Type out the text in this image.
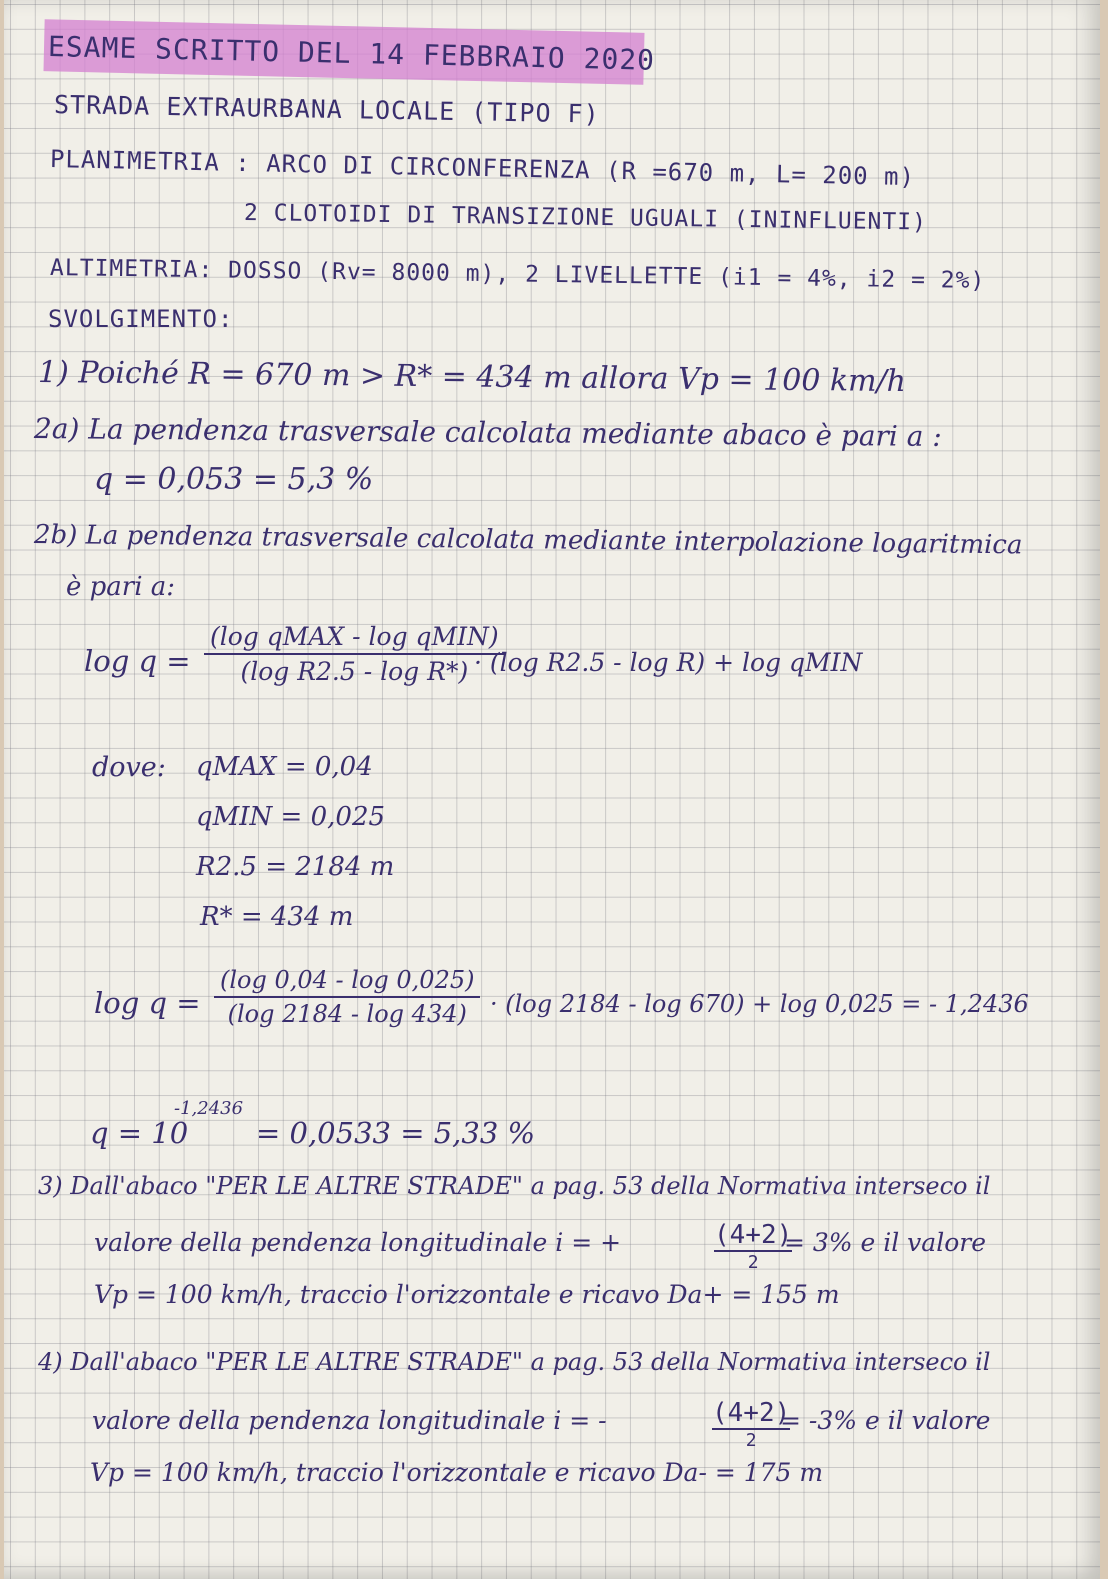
ESAME SCRITTO DEL 14 FEBBRAIO 2020
STRADA EXTRAURBANA LOCALE (TIPO F)
PLANIMETRIA : ARCO DI CIRCONFERENZA (R =670 m, L= 200 m)
2 CLOTOIDI DI TRANSIZIONE UGUALI (ININFLUENTI)
ALTIMETRIA: DOSSO (Rv= 8000 m), 2 LIVELLETTE (i1 = 4%, i2 = 2%)
SVOLGIMENTO:
1) Poiché R = 670 m > R* = 434 m allora Vp = 100 km/h
2a) La pendenza trasversale calcolata mediante abaco è pari a :
q = 0,053 = 5,3 %
2b) La pendenza trasversale calcolata mediante interpolazione logaritmica
è pari a:
log q =
(log qMAX - log qMIN)
(log R2.5 - log R*) · (log R2.5 - log R) + log qMIN
dove: qMAX = 0,04
qMIN = 0,025
R2.5 = 2184 m
R* = 434 m
log q =
(log 0,04 - log 0,025)
(log 2184 - log 434) · (log 2184 - log 670) + log 0,025 = - 1,2436
q = 10
-1,2436
= 0,0533 = 5,33 %
3) Dall'abaco "PER LE ALTRE STRADE" a pag. 53 della Normativa interseco il
valore della pendenza longitudinale i = +	(4+2)
2
= 3% e il valore
Vp = 100 km/h, traccio l'orizzontale e ricavo Da+ = 155 m
4) Dall'abaco "PER LE ALTRE STRADE" a pag. 53 della Normativa interseco il
valore della pendenza longitudinale i = -	(4+2)
2
= -3% e il valore
Vp = 100 km/h, traccio l'orizzontale e ricavo Da- = 175 m
